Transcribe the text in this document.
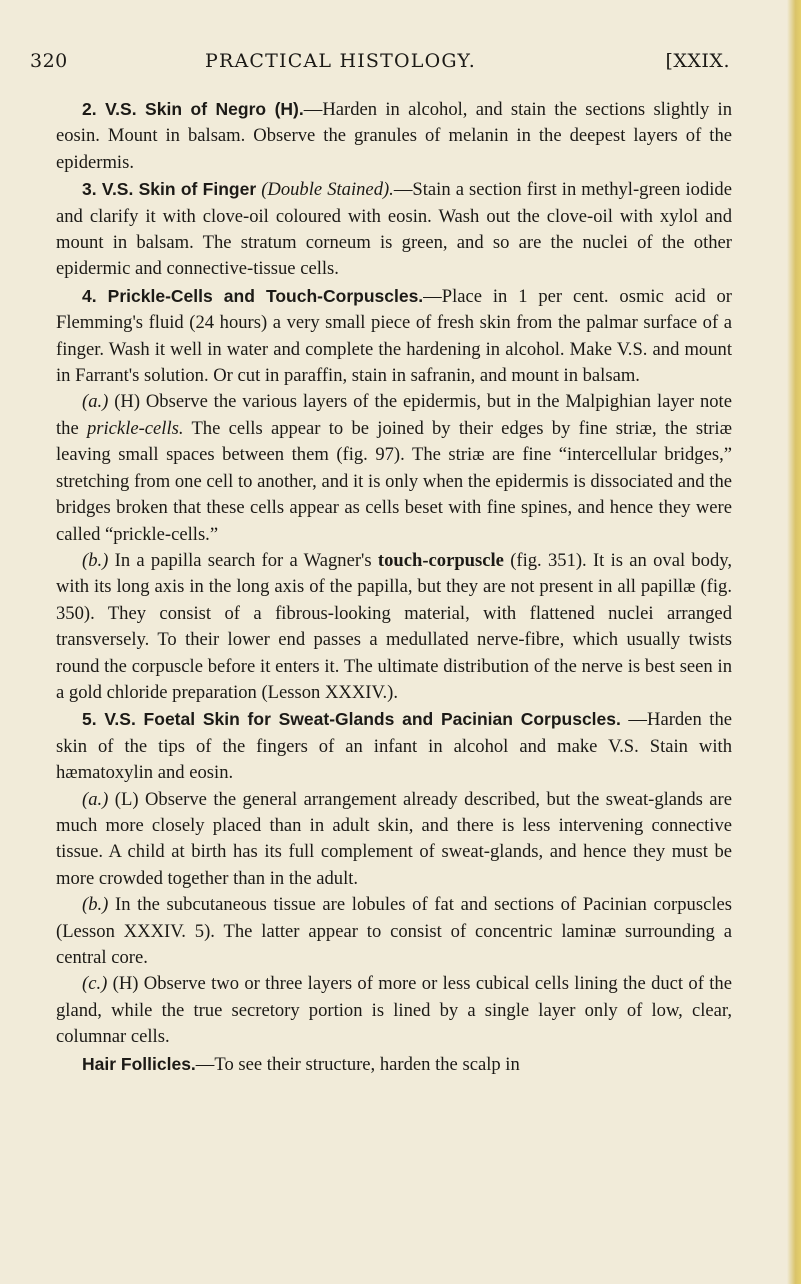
320	PRACTICAL HISTOLOGY.	[XXIX.

2. V.S. Skin of Negro (H).—Harden in alcohol, and stain the sections slightly in eosin. Mount in balsam. Observe the granules of melanin in the deepest layers of the epidermis.

3. V.S. Skin of Finger (Double Stained).—Stain a section first in methyl-green iodide and clarify it with clove-oil coloured with eosin. Wash out the clove-oil with xylol and mount in balsam. The stratum corneum is green, and so are the nuclei of the other epidermic and connective-tissue cells.

4. Prickle-Cells and Touch-Corpuscles.—Place in 1 per cent. osmic acid or Flemming's fluid (24 hours) a very small piece of fresh skin from the palmar surface of a finger. Wash it well in water and complete the hardening in alcohol. Make V.S. and mount in Farrant's solution. Or cut in paraffin, stain in safranin, and mount in balsam.

(a.) (H) Observe the various layers of the epidermis, but in the Malpighian layer note the prickle-cells. The cells appear to be joined by their edges by fine striæ, the striæ leaving small spaces between them (fig. 97). The striæ are fine “intercellular bridges,” stretching from one cell to another, and it is only when the epidermis is dissociated and the bridges broken that these cells appear as cells beset with fine spines, and hence they were called “prickle-cells.”

(b.) In a papilla search for a Wagner's touch-corpuscle (fig. 351). It is an oval body, with its long axis in the long axis of the papilla, but they are not present in all papillæ (fig. 350). They consist of a fibrous-looking material, with flattened nuclei arranged transversely. To their lower end passes a medullated nerve-fibre, which usually twists round the corpuscle before it enters it. The ultimate distribution of the nerve is best seen in a gold chloride preparation (Lesson XXXIV.).

5. V.S. Foetal Skin for Sweat-Glands and Pacinian Corpuscles. —Harden the skin of the tips of the fingers of an infant in alcohol and make V.S. Stain with hæmatoxylin and eosin.

(a.) (L) Observe the general arrangement already described, but the sweat-glands are much more closely placed than in adult skin, and there is less intervening connective tissue. A child at birth has its full complement of sweat-glands, and hence they must be more crowded together than in the adult.

(b.) In the subcutaneous tissue are lobules of fat and sections of Pacinian corpuscles (Lesson XXXIV. 5). The latter appear to consist of concentric laminæ surrounding a central core.

(c.) (H) Observe two or three layers of more or less cubical cells lining the duct of the gland, while the true secretory portion is lined by a single layer only of low, clear, columnar cells.

Hair Follicles.—To see their structure, harden the scalp in
